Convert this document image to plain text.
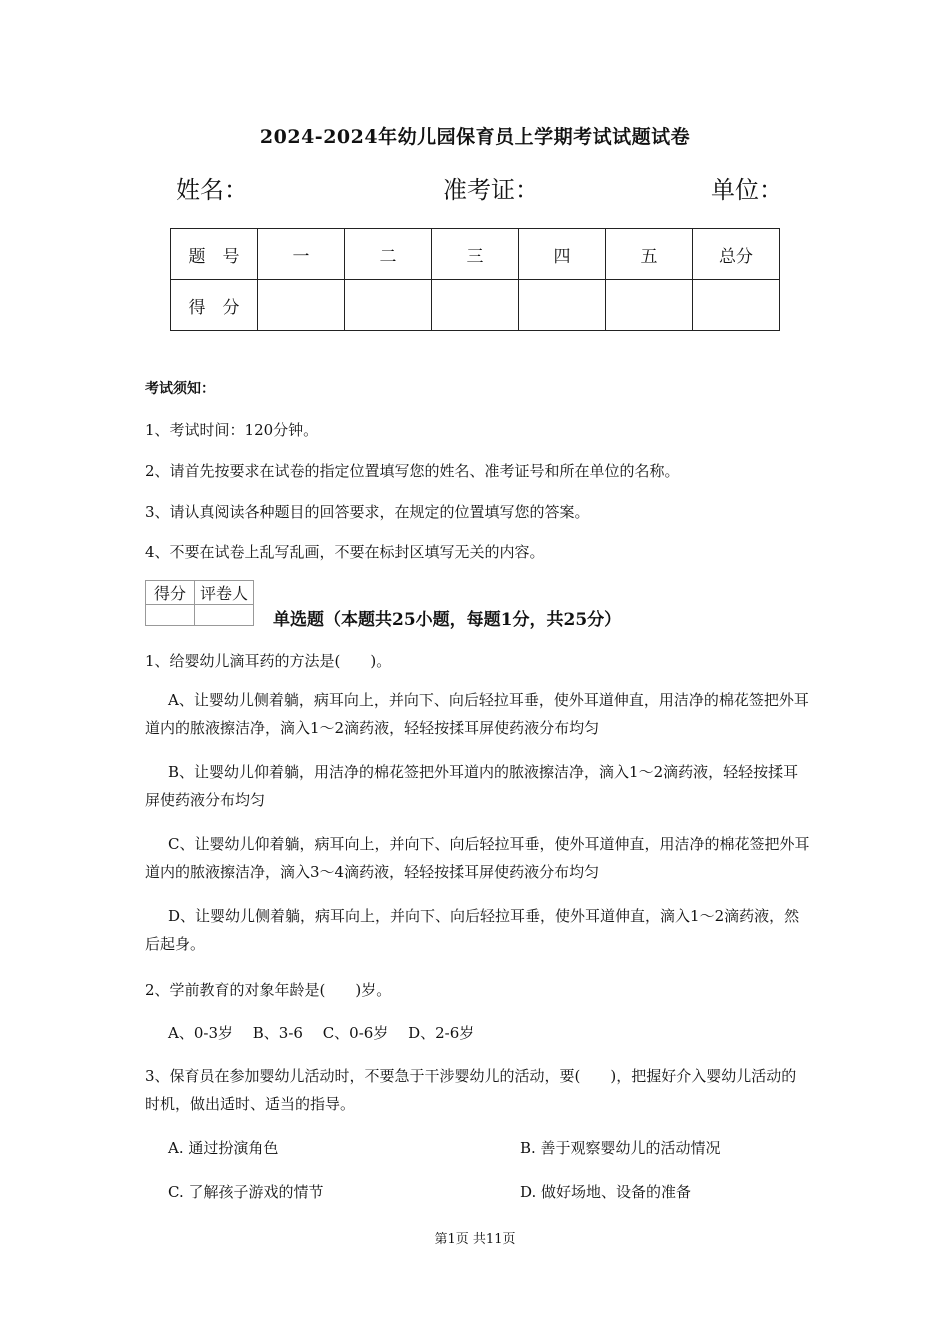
2024-2024年幼儿园保育员上学期考试试题试卷
姓名：	准考证：	单位：
题　号	一	二	三	四	五	总分
得　分						
考试须知：
1、考试时间：120分钟。
2、请首先按要求在试卷的指定位置填写您的姓名、准考证号和所在单位的名称。
3、请认真阅读各种题目的回答要求，在规定的位置填写您的答案。
4、不要在试卷上乱写乱画，不要在标封区填写无关的内容。
得分	评卷人

单选题（本题共25小题，每题1分，共25分）
1、给婴幼儿滴耳药的方法是(　　)。
A、让婴幼儿侧着躺，病耳向上，并向下、向后轻拉耳垂，使外耳道伸直，用洁净的棉花签把外耳道内的脓液擦洁净，滴入1～2滴药液，轻轻按揉耳屏使药液分布均匀
B、让婴幼儿仰着躺，用洁净的棉花签把外耳道内的脓液擦洁净，滴入1～2滴药液，轻轻按揉耳屏使药液分布均匀
C、让婴幼儿仰着躺，病耳向上，并向下、向后轻拉耳垂，使外耳道伸直，用洁净的棉花签把外耳道内的脓液擦洁净，滴入3～4滴药液，轻轻按揉耳屏使药液分布均匀
D、让婴幼儿侧着躺，病耳向上，并向下、向后轻拉耳垂，使外耳道伸直，滴入1～2滴药液，然后起身。
2、学前教育的对象年龄是(　　)岁。
A、0-3岁　 B、3-6　 C、0-6岁　 D、2-6岁
3、保育员在参加婴幼儿活动时，不要急于干涉婴幼儿的活动，要(　　)，把握好介入婴幼儿活动的时机，做出适时、适当的指导。
A. 通过扮演角色	B. 善于观察婴幼儿的活动情况
C. 了解孩子游戏的情节	D. 做好场地、设备的准备
第1页 共11页
